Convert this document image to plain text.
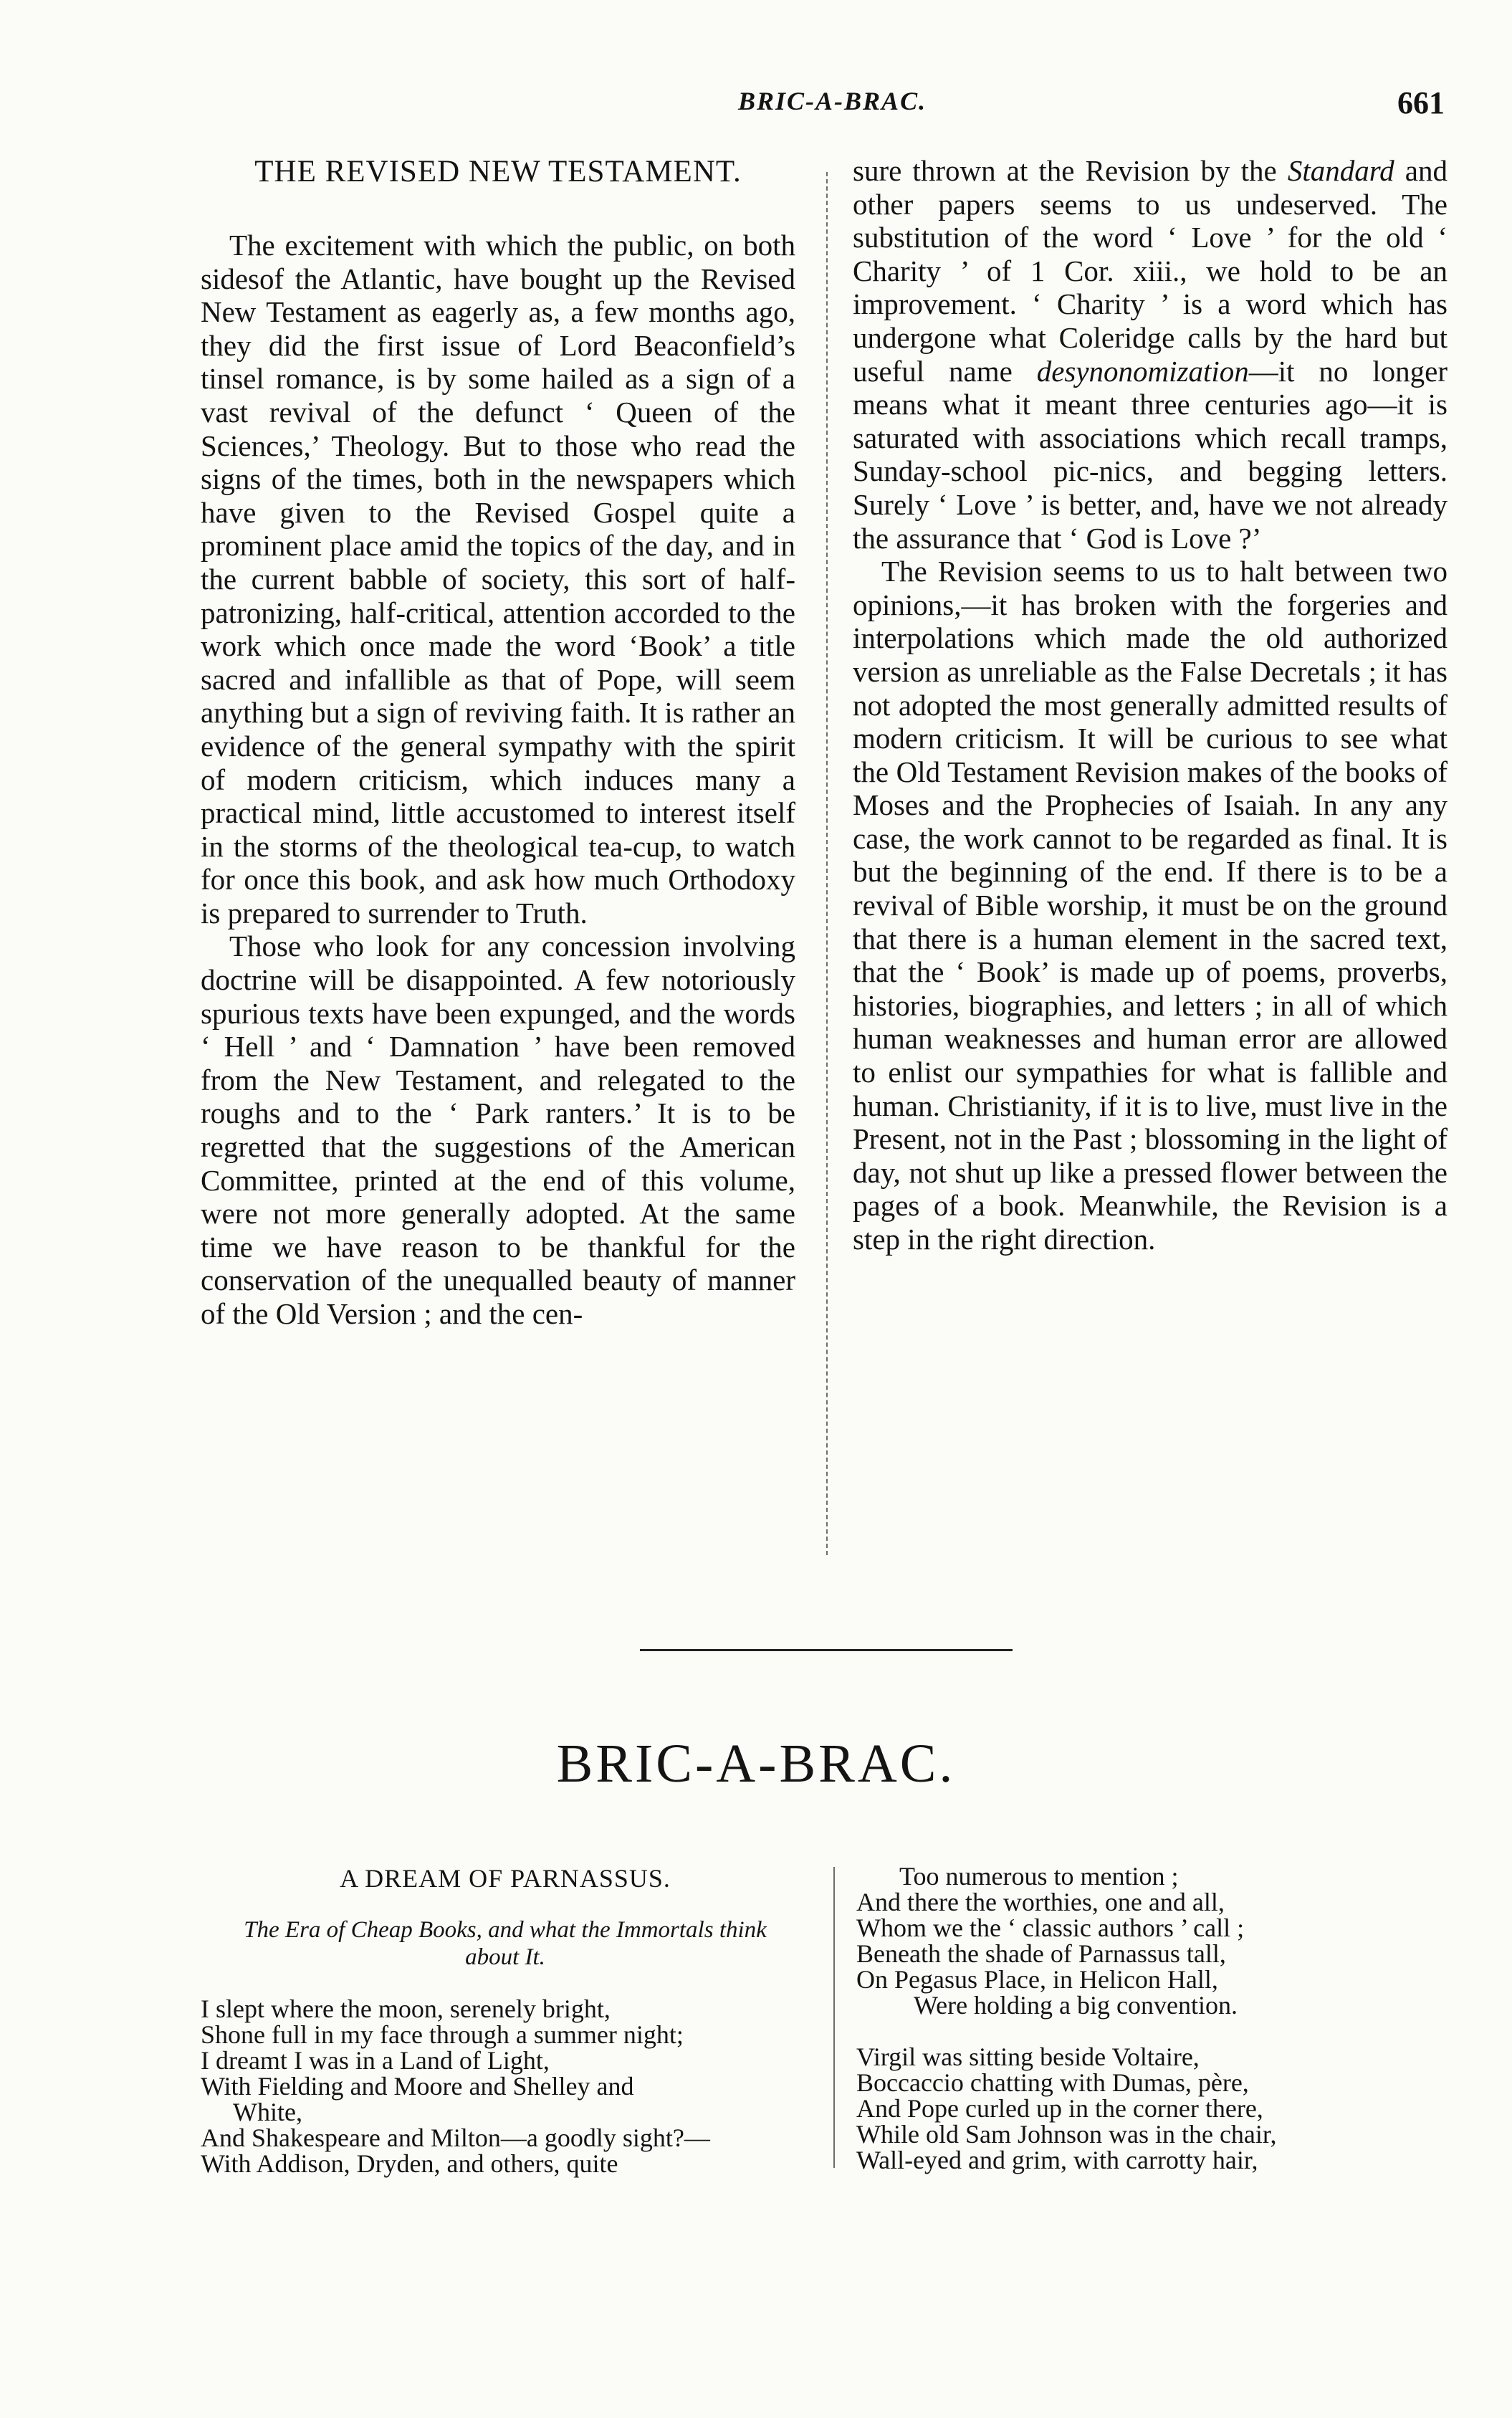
BRIC-A-BRAC.	661
THE REVISED NEW TESTAMENT.

The excitement with which the public, on both sidesof the Atlantic, have bought up the Revised New Testament as eagerly as, a few months ago, they did the first issue of Lord Beaconfield’s tinsel romance, is by some hailed as a sign of a vast revival of the defunct ‘ Queen of the Sciences,’ Theology. But to those who read the signs of the times, both in the newspapers which have given to the Revised Gospel quite a prominent place amid the topics of the day, and in the current babble of society, this sort of half-patronizing, half-critical, attention accorded to the work which once made the word ‘Book’ a title sacred and infallible as that of Pope, will seem anything but a sign of reviving faith. It is rather an evidence of the general sympathy with the spirit of modern criticism, which induces many a practical mind, little accustomed to interest itself in the storms of the theological tea-cup, to watch for once this book, and ask how much Orthodoxy is prepared to surrender to Truth.

Those who look for any concession involving doctrine will be disappointed. A few notoriously spurious texts have been expunged, and the words ‘ Hell ’ and ‘ Damnation ’ have been removed from the New Testament, and relegated to the roughs and to the ‘ Park ranters.’ It is to be regretted that the suggestions of the American Committee, printed at the end of this volume, were not more generally adopted. At the same time we have reason to be thankful for the conservation of the unequalled beauty of manner of the Old Version ; and the cen-

sure thrown at the Revision by the Standard and other papers seems to us undeserved. The substitution of the word ‘ Love ’ for the old ‘ Charity ’ of 1 Cor. xiii., we hold to be an improvement. ‘ Charity ’ is a word which has undergone what Coleridge calls by the hard but useful name desynonomization—it no longer means what it meant three centuries ago—it is saturated with associations which recall tramps, Sunday-school pic-nics, and begging letters. Surely ‘ Love ’ is better, and, have we not already the assurance that ‘ God is Love ?’

The Revision seems to us to halt between two opinions,—it has broken with the forgeries and interpolations which made the old authorized version as unreliable as the False Decretals ; it has not adopted the most generally admitted results of modern criticism. It will be curious to see what the Old Testament Revision makes of the books of Moses and the Prophecies of Isaiah. In any any case, the work cannot to be regarded as final. It is but the beginning of the end. If there is to be a revival of Bible worship, it must be on the ground that there is a human element in the sacred text, that the ‘ Book’ is made up of poems, proverbs, histories, biographies, and letters ; in all of which human weaknesses and human error are allowed to enlist our sympathies for what is fallible and human. Christianity, if it is to live, must live in the Present, not in the Past ; blossoming in the light of day, not shut up like a pressed flower between the pages of a book. Meanwhile, the Revision is a step in the right direction.

BRIC-A-BRAC.
A DREAM OF PARNASSUS.
The Era of Cheap Books, and what the Immortals think about It.
I slept where the moon, serenely bright,
Shone full in my face through a summer night;
I dreamt I was in a Land of Light,
With Fielding and Moore and Shelley and
White,
And Shakespeare and Milton—a goodly sight?—
With Addison, Dryden, and others, quite
Too numerous to mention ;
And there the worthies, one and all,
Whom we the ‘ classic authors ’ call ;
Beneath the shade of Parnassus tall,
On Pegasus Place, in Helicon Hall,
Were holding a big convention.
Virgil was sitting beside Voltaire,
Boccaccio chatting with Dumas, père,
And Pope curled up in the corner there,
While old Sam Johnson was in the chair,
Wall-eyed and grim, with carrotty hair,
